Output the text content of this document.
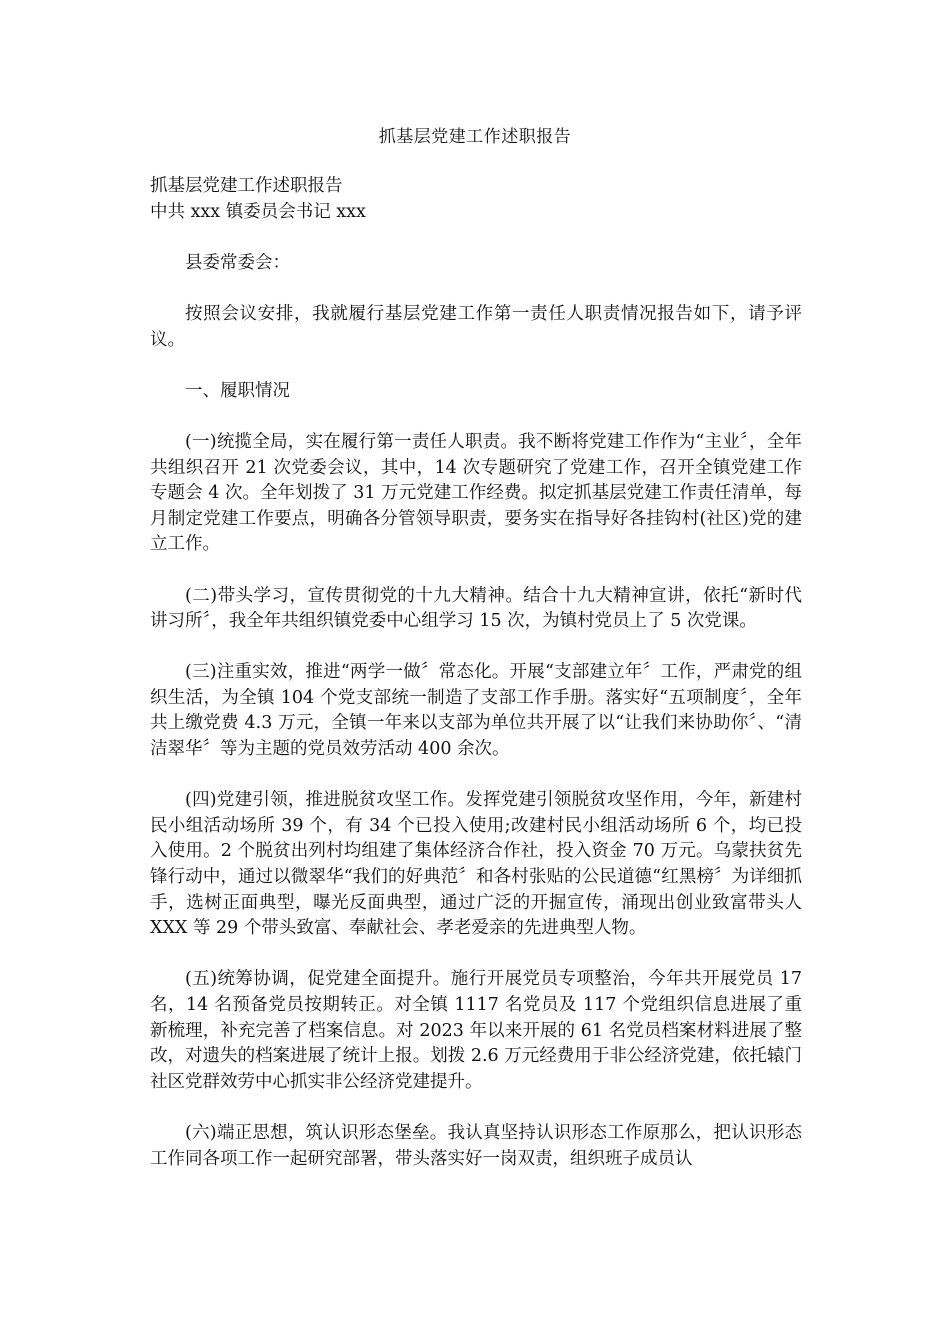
抓基层党建工作述职报告

抓基层党建工作述职报告

中共 xxx 镇委员会书记 xxx

县委常委会：

按照会议安排，我就履行基层党建工作第一责任人职责情况报告如下，请予评议。

一、履职情况

(一)统揽全局，实在履行第一责任人职责。我不断将党建工作作为“主业〞，全年共组织召开 21 次党委会议，其中，14 次专题研究了党建工作，召开全镇党建工作专题会 4 次。全年划拨了 31 万元党建工作经费。拟定抓基层党建工作责任清单，每月制定党建工作要点，明确各分管领导职责，要务实在指导好各挂钩村(社区)党的建立工作。

(二)带头学习，宣传贯彻党的十九大精神。结合十九大精神宣讲，依托“新时代讲习所〞，我全年共组织镇党委中心组学习 15 次，为镇村党员上了 5 次党课。

(三)注重实效，推进“两学一做〞常态化。开展“支部建立年〞工作，严肃党的组织生活，为全镇 104 个党支部统一制造了支部工作手册。落实好“五项制度〞，全年共上缴党费 4.3 万元，全镇一年来以支部为单位共开展了以“让我们来协助你〞、“清洁翠华〞等为主题的党员效劳活动 400 余次。

(四)党建引领，推进脱贫攻坚工作。发挥党建引领脱贫攻坚作用，今年，新建村民小组活动场所 39 个，有 34 个已投入使用;改建村民小组活动场所 6 个，均已投入使用。2 个脱贫出列村均组建了集体经济合作社，投入资金 70 万元。乌蒙扶贫先锋行动中，通过以微翠华“我们的好典范〞和各村张贴的公民道德“红黑榜〞为详细抓手，选树正面典型，曝光反面典型，通过广泛的开掘宣传，涌现出创业致富带头人 XXX 等 29 个带头致富、奉献社会、孝老爱亲的先进典型人物。

(五)统筹协调，促党建全面提升。施行开展党员专项整治，今年共开展党员 17 名，14 名预备党员按期转正。对全镇 1117 名党员及 117 个党组织信息进展了重新梳理，补充完善了档案信息。对 2023 年以来开展的 61 名党员档案材料进展了整改，对遗失的档案进展了统计上报。划拨 2.6 万元经费用于非公经济党建，依托辕门社区党群效劳中心抓实非公经济党建提升。

(六)端正思想，筑认识形态堡垒。我认真坚持认识形态工作原那么，把认识形态工作同各项工作一起研究部署，带头落实好一岗双责，组织班子成员认
